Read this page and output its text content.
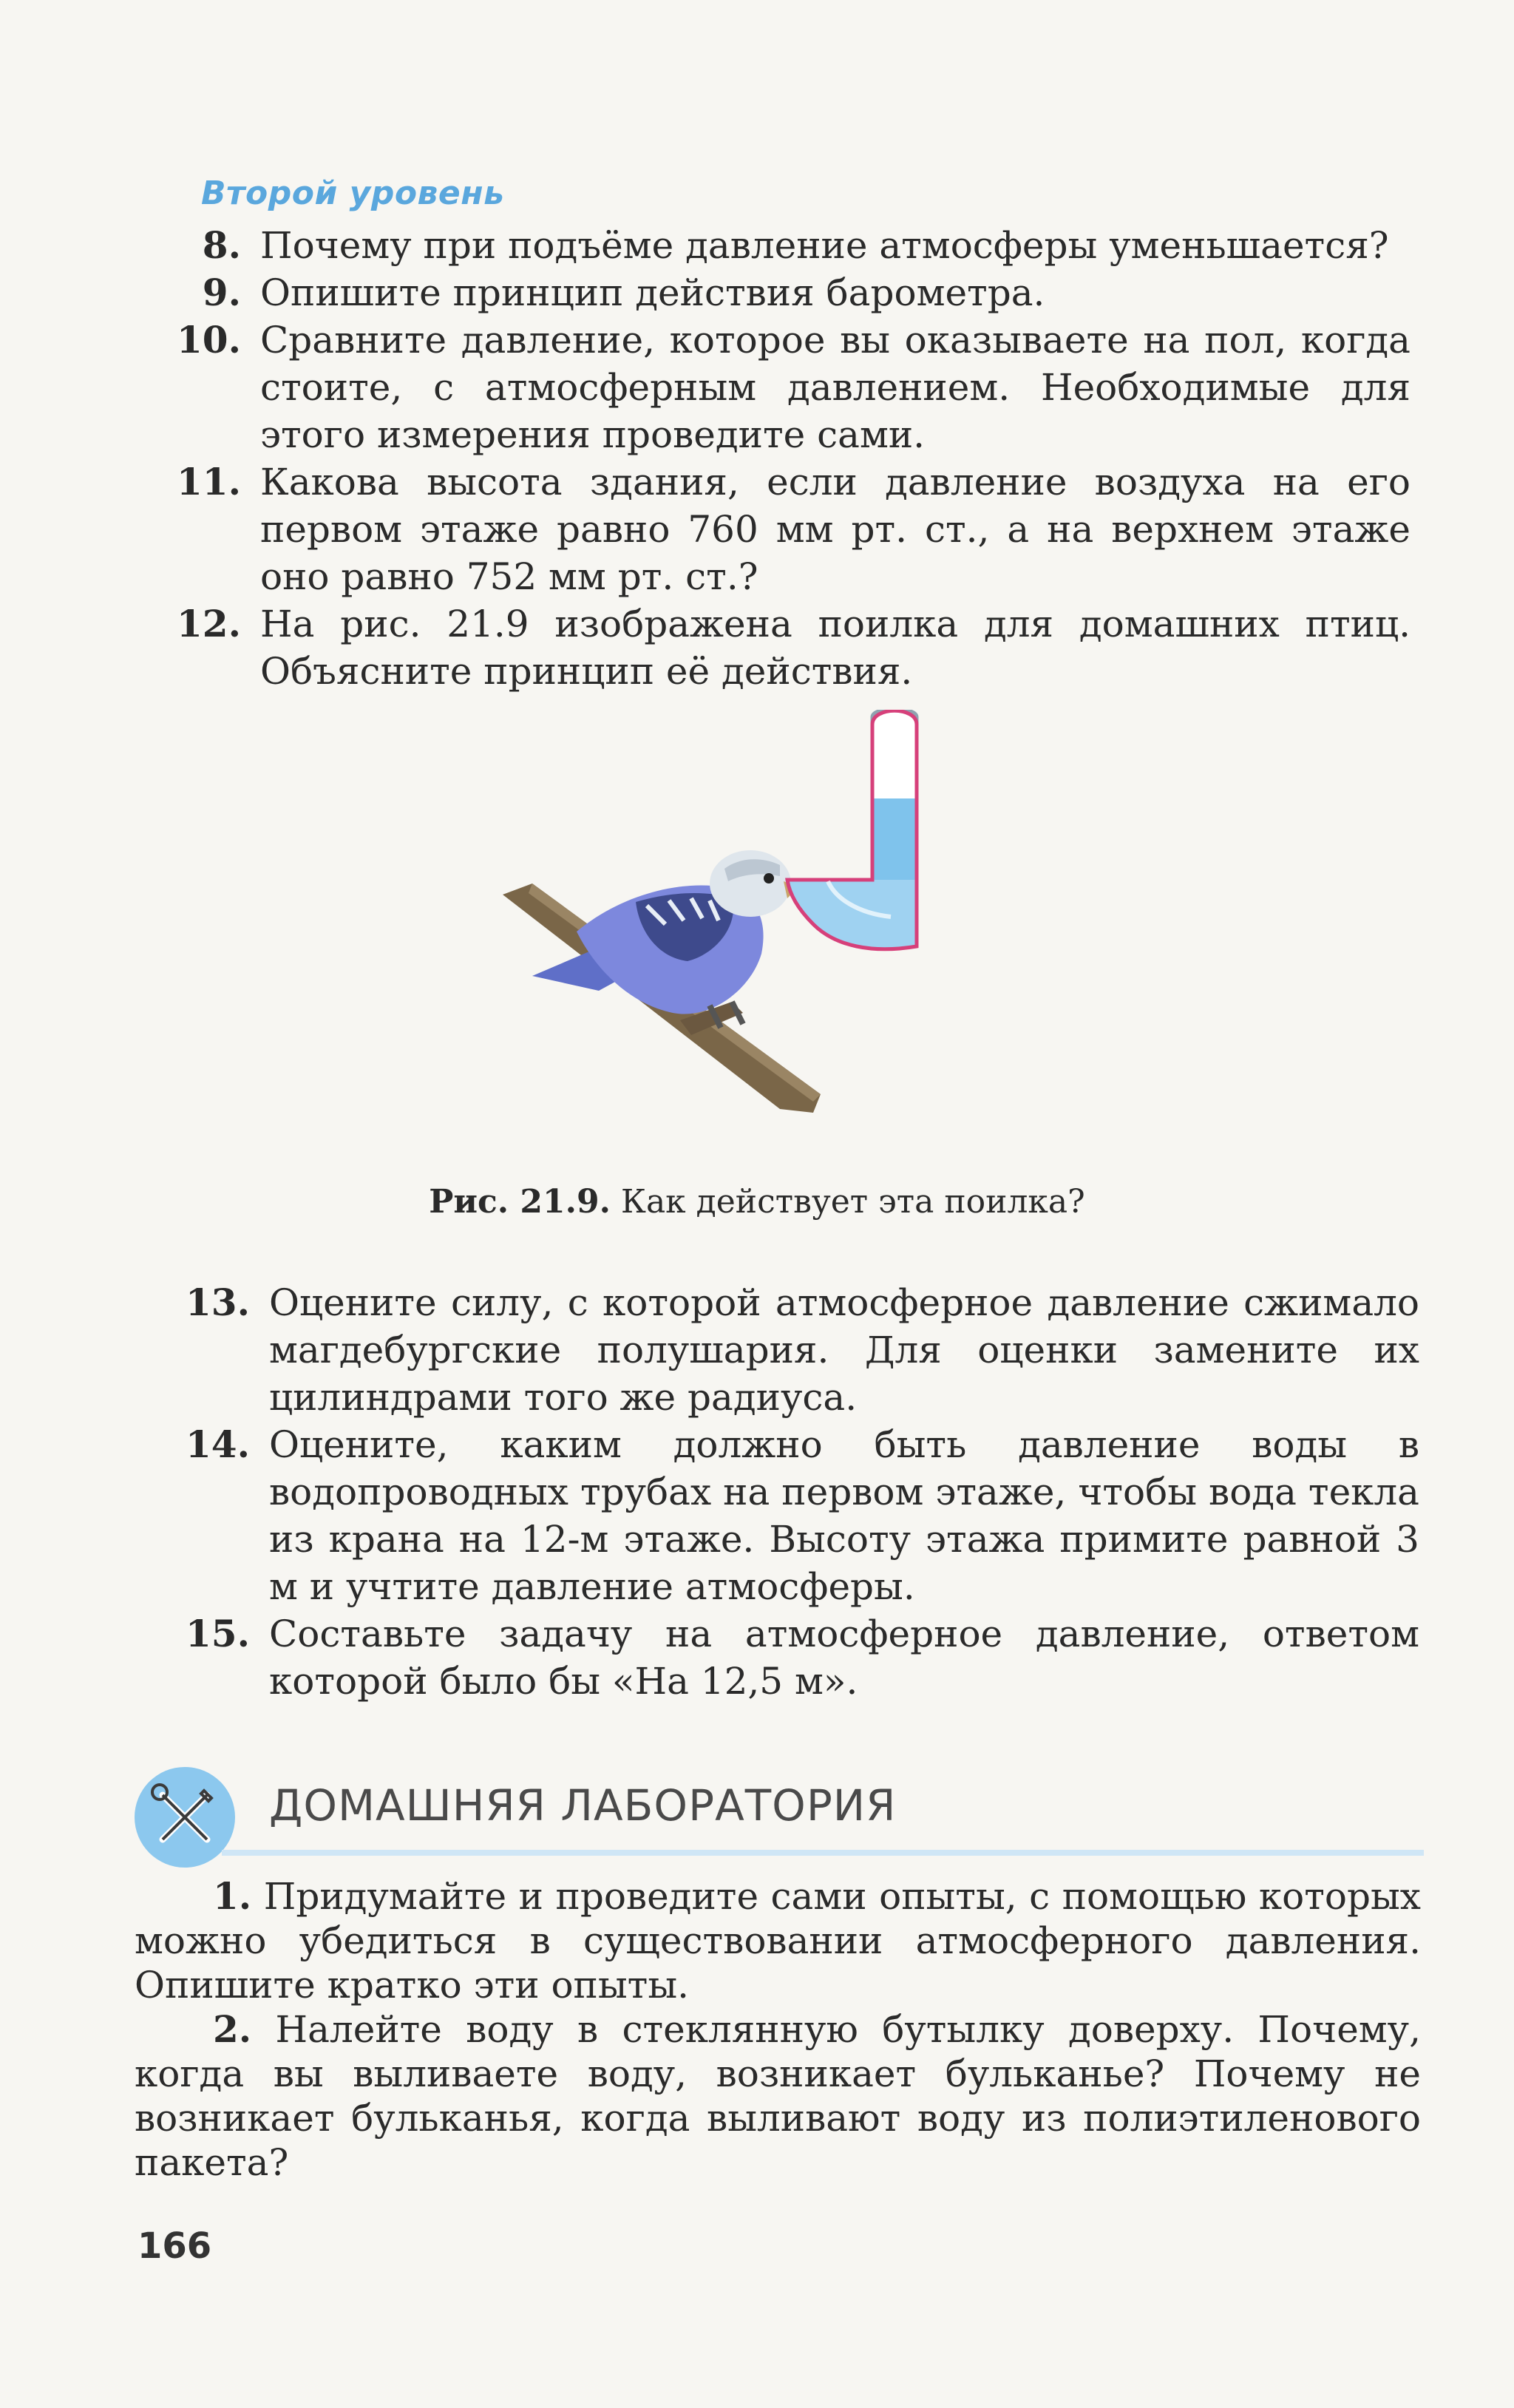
Второй уровень
8. Почему при подъёме давление атмосферы уменьшается?
9. Опишите принцип действия барометра.
10. Сравните давление, которое вы оказываете на пол, когда стоите, с атмосферным давлением. Необходимые для этого измерения проведите сами.
11. Какова высота здания, если давление воздуха на его первом этаже равно 760 мм рт. ст., а на верхнем этаже оно равно 752 мм рт. ст.?
12. На рис. 21.9 изображена поилка для домашних птиц. Объясните принцип её действия.
Рис. 21.9. Как действует эта поилка?
13. Оцените силу, с которой атмосферное давление сжимало магдебургские полушария. Для оценки замените их цилиндрами того же радиуса.
14. Оцените, каким должно быть давление воды в водопроводных трубах на первом этаже, чтобы вода текла из крана на 12-м этаже. Высоту этажа примите равной 3 м и учтите давление атмосферы.
15. Составьте задачу на атмосферное давление, ответом которой было бы «На 12,5 м».
ДОМАШНЯЯ ЛАБОРАТОРИЯ

1. Придумайте и проведите сами опыты, с помощью которых можно убедиться в существовании атмосферного давления. Опишите кратко эти опыты.

2. Налейте воду в стеклянную бутылку доверху. Почему, когда вы выливаете воду, возникает бульканье? Почему не возникает бульканья, когда выливают воду из полиэтиленового пакета?

166
